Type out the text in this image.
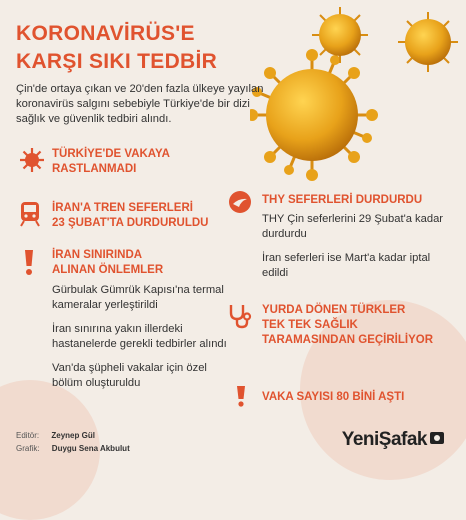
KORONAVİRÜS'E
KARŞI SIKI TEDBİR
Çin'de ortaya çıkan ve 20'den fazla ülkeye yayılan koronavirüs salgını sebebiyle Türkiye'de bir dizi sağlık ve güvenlik tedbiri alındı.
TÜRKİYE'DE VAKAYA
RASTLANMADI
İRAN'A TREN SEFERLERİ
23 ŞUBAT'TA DURDURULDU
İRAN SINIRINDA
ALINAN ÖNLEMLER
Gürbulak Gümrük Kapısı'na termal kameralar yerleştirildi
İran sınırına yakın illerdeki hastanelerde gerekli tedbirler alındı
Van'da şüpheli vakalar için özel bölüm oluşturuldu
THY SEFERLERİ DURDURDU
THY Çin seferlerini 29 Şubat'a kadar durdurdu
İran seferleri ise Mart'a kadar iptal edildi
YURDA DÖNEN TÜRKLER
TEK TEK SAĞLIK
TARAMASINDAN GEÇİRİLİYOR
VAKA SAYISI 80 BİNİ AŞTI
Editör: Zeynep Gül
Grafik: Duygu Sena Akbulut	YeniŞafak
